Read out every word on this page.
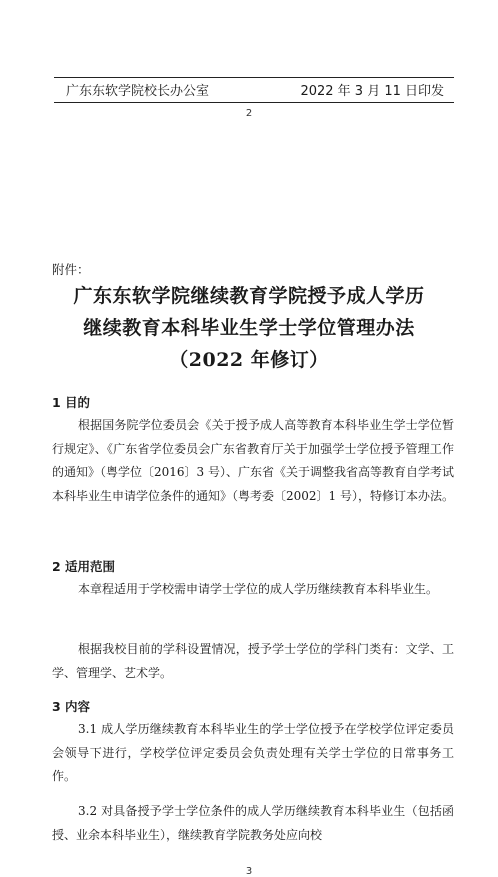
广东东软学院校长办公室	2022 年 3 月 11 日印发
2
附件：
广东东软学院继续教育学院授予成人学历
继续教育本科毕业生学士学位管理办法
（2022 年修订）
1 目的
根据国务院学位委员会《关于授予成人高等教育本科毕业生学士学位暂行规定》、《广东省学位委员会广东省教育厅关于加强学士学位授予管理工作的通知》（粤学位〔2016〕3 号）、广东省《关于调整我省高等教育自学考试本科毕业生申请学位条件的通知》（粤考委〔2002〕1 号），特修订本办法。
2 适用范围
本章程适用于学校需申请学士学位的成人学历继续教育本科毕业生。
根据我校目前的学科设置情况，授予学士学位的学科门类有：文学、工学、管理学、艺术学。
3 内容
3.1 成人学历继续教育本科毕业生的学士学位授予在学校学位评定委员会领导下进行，学校学位评定委员会负责处理有关学士学位的日常事务工作。
3.2 对具备授予学士学位条件的成人学历继续教育本科毕业生（包括函授、业余本科毕业生），继续教育学院教务处应向校
3
